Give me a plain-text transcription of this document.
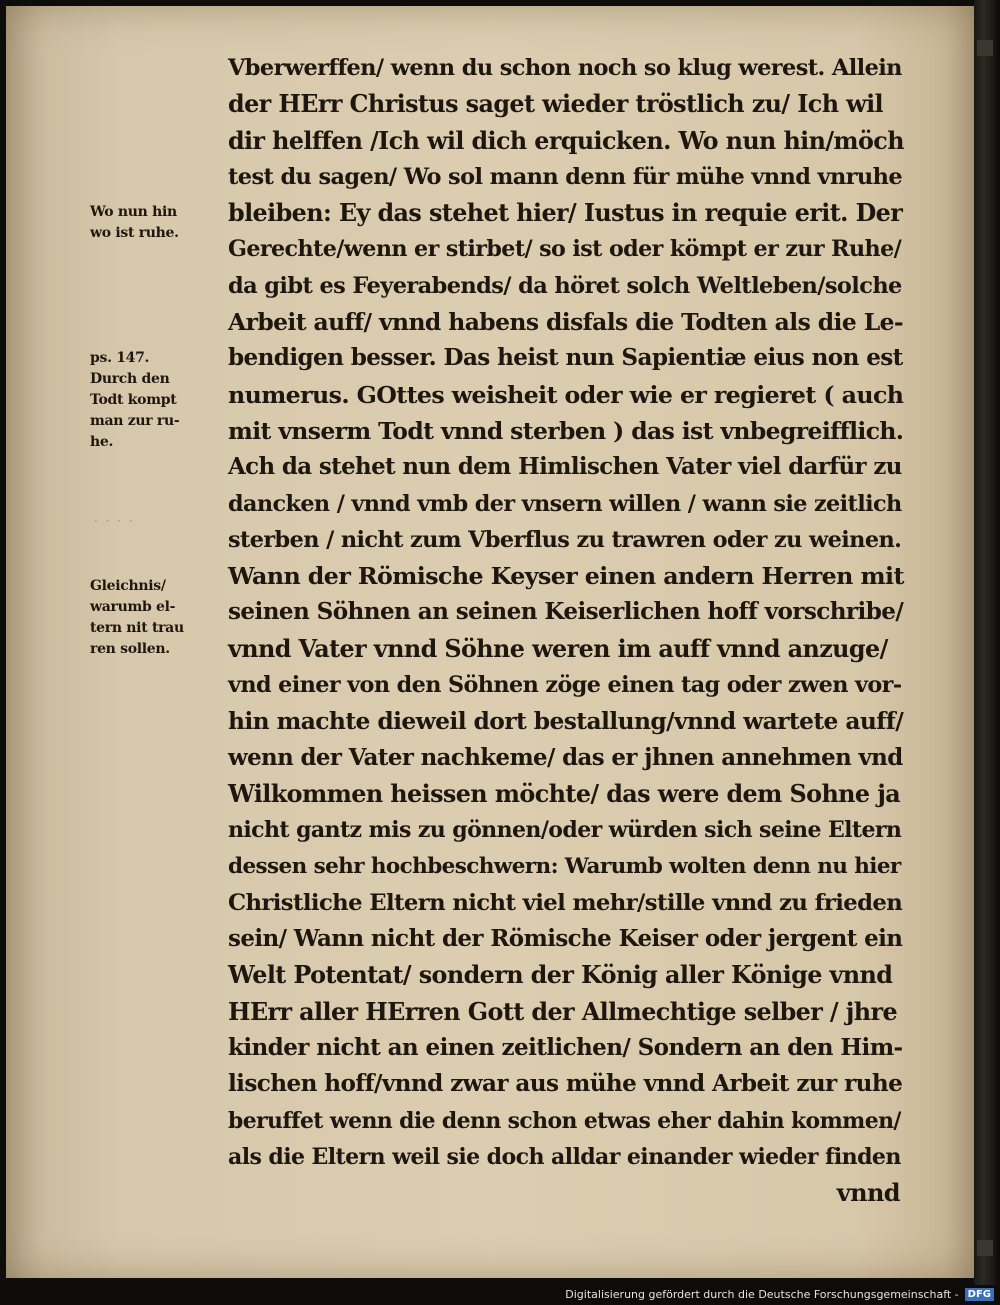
· · · ·
Wo nun hin
wo ist ruhe.
ps. 147.
Durch den
Todt kompt
man zur ru-
he.
Gleichnis/
warumb el-
tern nit trau
ren sollen.
Vberwerffen/ wenn du schon noch so klug werest. Allein
der HErr Christus saget wieder tröstlich zu/ Ich wil
dir helffen /Ich wil dich erquicken. Wo nun hin/möch
test du sagen/ Wo sol mann denn für mühe vnnd vnruhe
bleiben: Ey das stehet hier/ Iustus in requie erit. Der
Gerechte/wenn er stirbet/ so ist oder kömpt er zur Ruhe/
da gibt es Feyerabends/ da höret solch Weltleben/solche
Arbeit auff/ vnnd habens disfals die Todten als die Le-
bendigen besser. Das heist nun Sapientiæ eius non est
numerus. GOttes weisheit oder wie er regieret ( auch
mit vnserm Todt vnnd sterben ) das ist vnbegreifflich.
Ach da stehet nun dem Himlischen Vater viel darfür zu
dancken / vnnd vmb der vnsern willen / wann sie zeitlich
sterben / nicht zum Vberflus zu trawren oder zu weinen.
Wann der Römische Keyser einen andern Herren mit
seinen Söhnen an seinen Keiserlichen hoff vorschribe/
vnnd Vater vnnd Söhne weren im auff vnnd anzuge/
vnd einer von den Söhnen zöge einen tag oder zwen vor-
hin machte dieweil dort bestallung/vnnd wartete auff/
wenn der Vater nachkeme/ das er jhnen annehmen vnd
Wilkommen heissen möchte/ das were dem Sohne ja
nicht gantz mis zu gönnen/oder würden sich seine Eltern
dessen sehr hochbeschwern: Warumb wolten denn nu hier
Christliche Eltern nicht viel mehr/stille vnnd zu frieden
sein/ Wann nicht der Römische Keiser oder jergent ein
Welt Potentat/ sondern der König aller Könige vnnd
HErr aller HErren Gott der Allmechtige selber / jhre
kinder nicht an einen zeitlichen/ Sondern an den Him-
lischen hoff/vnnd zwar aus mühe vnnd Arbeit zur ruhe
beruffet wenn die denn schon etwas eher dahin kommen/
als die Eltern weil sie doch alldar einander wieder finden
vnnd
Digitalisierung gefördert durch die Deutsche Forschungsgemeinschaft - DFG
